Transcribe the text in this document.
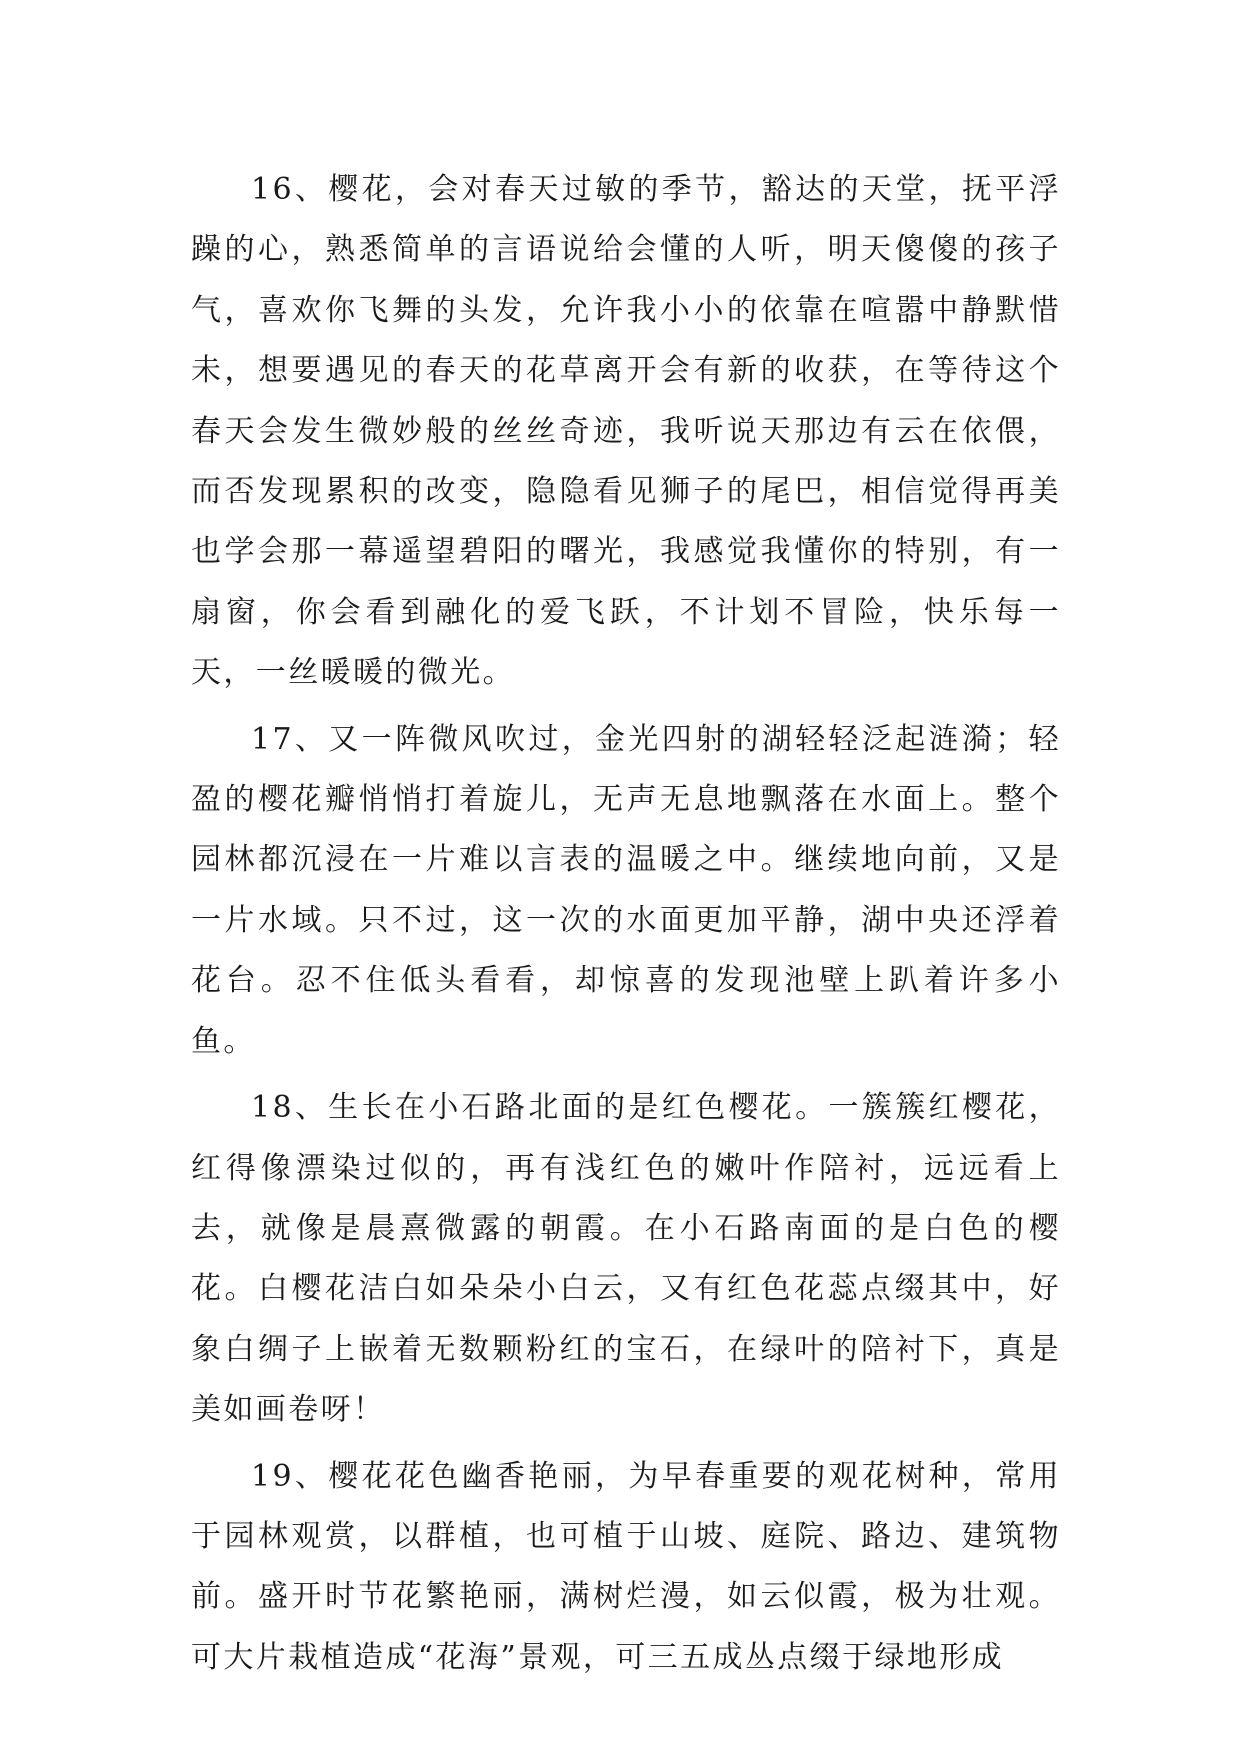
16、樱花，会对春天过敏的季节，豁达的天堂，抚平浮躁的心，熟悉简单的言语说给会懂的人听，明天傻傻的孩子气，喜欢你飞舞的头发，允许我小小的依靠在喧嚣中静默惜未，想要遇见的春天的花草离开会有新的收获，在等待这个春天会发生微妙般的丝丝奇迹，我听说天那边有云在依偎，而否发现累积的改变，隐隐看见狮子的尾巴，相信觉得再美也学会那一幕遥望碧阳的曙光，我感觉我懂你的特别，有一扇窗，你会看到融化的爱飞跃，不计划不冒险，快乐每一天，一丝暖暖的微光。

17、又一阵微风吹过，金光四射的湖轻轻泛起涟漪；轻盈的樱花瓣悄悄打着旋儿，无声无息地飘落在水面上。整个园林都沉浸在一片难以言表的温暖之中。继续地向前，又是一片水域。只不过，这一次的水面更加平静，湖中央还浮着花台。忍不住低头看看，却惊喜的发现池壁上趴着许多小鱼。

18、生长在小石路北面的是红色樱花。一簇簇红樱花，红得像漂染过似的，再有浅红色的嫩叶作陪衬，远远看上去，就像是晨熹微露的朝霞。在小石路南面的是白色的樱花。白樱花洁白如朵朵小白云，又有红色花蕊点缀其中，好象白绸子上嵌着无数颗粉红的宝石，在绿叶的陪衬下，真是美如画卷呀！

19、樱花花色幽香艳丽，为早春重要的观花树种，常用于园林观赏，以群植，也可植于山坡、庭院、路边、建筑物前。盛开时节花繁艳丽，满树烂漫，如云似霞，极为壮观。可大片栽植造成“花海”景观，可三五成丛点缀于绿地形成
